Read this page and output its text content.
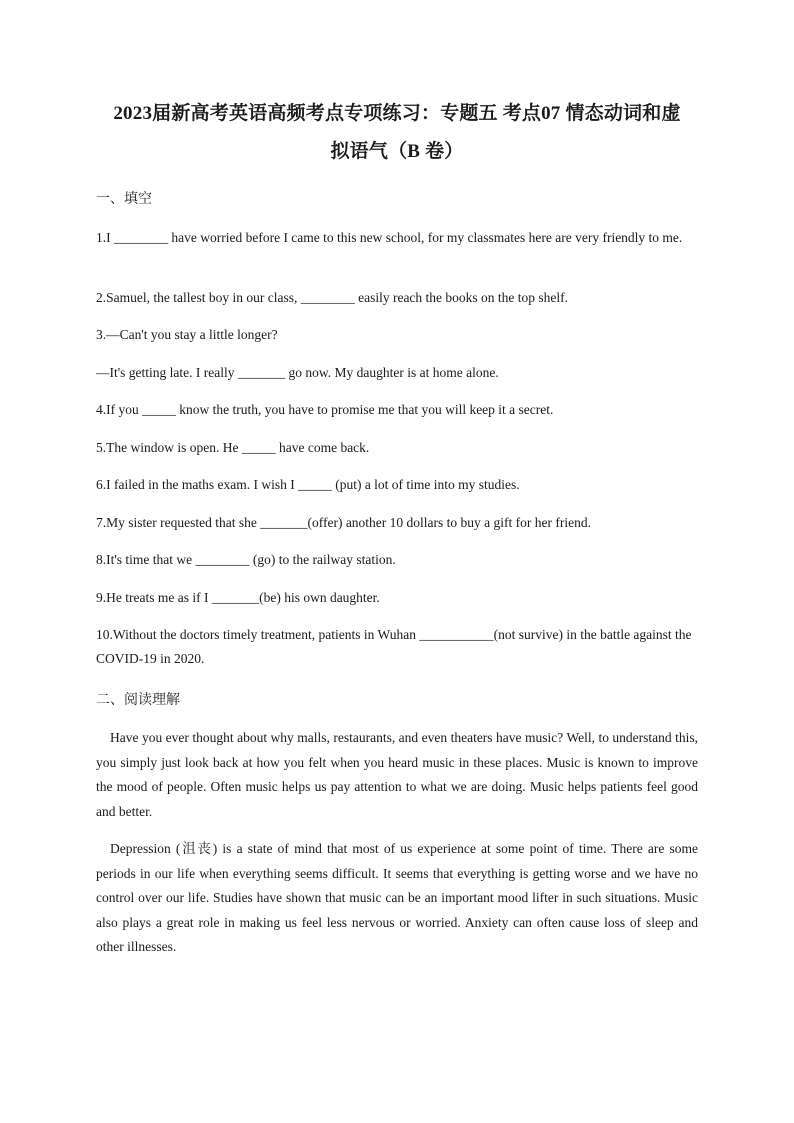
2023届新高考英语高频考点专项练习：专题五 考点07 情态动词和虚
拟语气（B 卷）
一、填空
1.I ________ have worried before I came to this new school, for my classmates here are very friendly to me.
2.Samuel, the tallest boy in our class, ________ easily reach the books on the top shelf.
3.—Can't you stay a little longer?
—It's getting late. I really _______ go now. My daughter is at home alone.
4.If you _____ know the truth, you have to promise me that you will keep it a secret.
5.The window is open. He _____ have come back.
6.I failed in the maths exam. I wish I _____ (put) a lot of time into my studies.
7.My sister requested that she _______(offer) another 10 dollars to buy a gift for her friend.
8.It's time that we ________ (go) to the railway station.
9.He treats me as if I _______(be) his own daughter.
10.Without the doctors timely treatment, patients in Wuhan ___________(not survive) in the battle against the COVID-19 in 2020.
二、阅读理解
Have you ever thought about why malls, restaurants, and even theaters have music? Well, to understand this, you simply just look back at how you felt when you heard music in these places. Music is known to improve the mood of people. Often music helps us pay attention to what we are doing. Music helps patients feel good and better.
Depression (沮丧) is a state of mind that most of us experience at some point of time. There are some periods in our life when everything seems difficult. It seems that everything is getting worse and we have no control over our life. Studies have shown that music can be an important mood lifter in such situations. Music also plays a great role in making us feel less nervous or worried. Anxiety can often cause loss of sleep and other illnesses.
